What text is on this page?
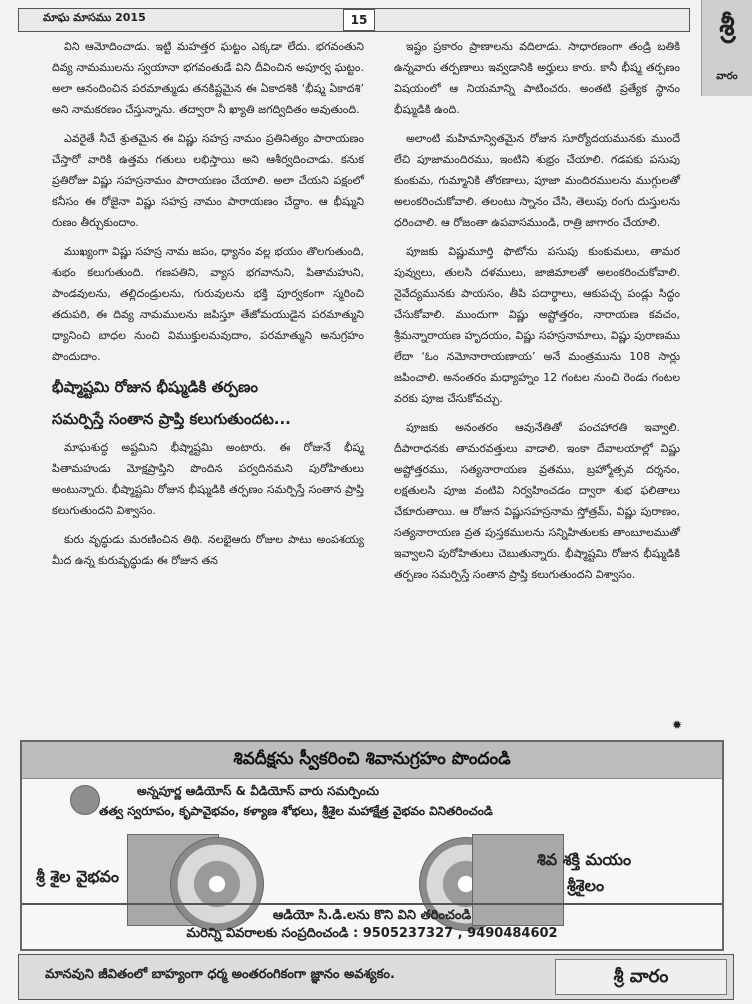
మాఘ మాసము 2015	15	శ్రీ
వారం

విని ఆమోదించాడు. ఇట్టి మహత్తర ఘట్టం ఎక్కడా లేదు. భగవంతుని దివ్య నామములను స్వయానా భగవంతుడే విని దీవించిన అపూర్వ ఘట్టం. అలా ఆనందించిన పరమాత్ముడు తనకిష్టమైన ఈ ఏకాదశికి ‘భీష్మ ఏకాదశి’ అని నామకరణం చేస్తున్నాను. తద్వారా నీ ఖ్యాతి జగద్విదితం అవుతుంది.

ఎవరైతే నీచే శ్రుతమైన ఈ విష్ణు సహస్ర నామం ప్రతినిత్యం పారాయణం చేస్తారో వారికి ఉత్తమ గతులు లభిస్తాయి అని ఆశీర్వదించాడు. కనుక ప్రతిరోజు విష్ణు సహస్రనామం పారాయణం చేయాలి. అలా చేయని పక్షంలో కనీసం ఈ రోజైనా విష్ణు సహస్ర నామం పారాయణం చేద్దాం. ఆ భీష్ముని రుణం తీర్చుకుందాం.

ముఖ్యంగా విష్ణు సహస్ర నామ జపం, ధ్యానం వల్ల భయం తొలగుతుంది, శుభం కలుగుతుంది. గణపతిని, వ్యాస భగవానుని, పితామహుని, పాండవులను, తల్లిదండ్రులను, గురువులను భక్తి పూర్వకంగా స్మరించి తదుపరి, ఈ దివ్య నామములను జపిస్తూ తేజోమయుడైన పరమాత్ముని ధ్యానించి బాధల నుంచి విముక్తులమవుదాం, పరమాత్ముని అనుగ్రహం పొందుదాం.

భీష్మాష్టమి రోజున భీష్ముడికి తర్పణం
సమర్పిస్తే సంతాన ప్రాప్తి కలుగుతుందట...

మాఘశుద్ధ అష్టమిని భీష్మాష్టమి అంటారు. ఈ రోజునే భీష్మ పితామహుడు మోక్షప్రాప్తిని పొందిన పర్వదినమని పురోహితులు అంటున్నారు. భీష్మాష్టమి రోజున భీష్ముడికి తర్పణం సమర్పిస్తే సంతాన ప్రాప్తి కలుగుతుందని విశ్వాసం.

కురు వృద్ధుడు మరణించిన తిథి. నలభైఆరు రోజుల పాటు అంపశయ్య మీద ఉన్న కురువృద్ధుడు ఈ రోజున తన

ఇష్టం ప్రకారం ప్రాణాలను వదిలాడు. సాధారణంగా తండ్రి బతికి ఉన్నవారు తర్పణాలు ఇవ్వడానికి అర్హులు కారు. కానీ భీష్మ తర్పణం విషయంలో ఆ నియమాన్ని పాటించరు. అంతటి ప్రత్యేక స్థానం భీష్ముడికి ఉంది.

అలాంటి మహిమాన్వితమైన రోజున సూర్యోదయమునకు ముందే లేచి పూజామందిరము, ఇంటిని శుభ్రం చేయాలి. గడపకు పసుపు కుంకుమ, గుమ్మానికి తోరణాలు, పూజా మందిరములను ముగ్గులతో అలంకరించుకోవాలి. తలంటు స్నానం చేసి, తెలుపు రంగు దుస్తులను ధరించాలి. ఆ రోజంతా ఉపవాసముండి, రాత్రి జాగారం చేయాలి.

పూజకు విష్ణుమూర్తి ఫొటోను పసుపు కుంకుమలు, తామర పువ్వులు, తులసి దళములు, జాజిమాలతో అలంకరించుకోవాలి. నైవేద్యమునకు పాయసం, తీపి పదార్థాలు, ఆకుపచ్చ పండ్లు సిద్ధం చేసుకోవాలి. ముందుగా విష్ణు అష్టోత్తరం, నారాయణ కవచం, శ్రీమన్నారాయణ హృదయం, విష్ణు సహస్రనామాలు, విష్ణు పురాణము లేదా ‘ఓం నమోనారాయణాయ’ అనే మంత్రమును 108 సార్లు జపించాలి. అనంతరం మధ్యాహ్నం 12 గంటల నుంచి రెండు గంటల వరకు పూజ చేసుకోవచ్చు.

పూజకు అనంతరం ఆవునేతితో పంచహారతి ఇవ్వాలి. దీపారాధనకు తామరవత్తులు వాడాలి. ఇంకా దేవాలయాల్లో విష్ణు అష్టోత్తరము, సత్యనారాయణ వ్రతము, బ్రహ్మోత్సవ దర్శనం, లక్షతులసి పూజ వంటివి నిర్వహించడం ద్వారా శుభ ఫలితాలు చేకూరుతాయి. ఆ రోజున విష్ణుసహస్రనామ స్తోత్రమ్, విష్ణు పురాణం, సత్యనారాయణ వ్రత పుస్తకములను సన్నిహితులకు తాంబూలముతో ఇవ్వాలని పురోహితులు చెబుతున్నారు. భీష్మాష్టమి రోజున భీష్ముడికి తర్పణం సమర్పిస్తే సంతాన ప్రాప్తి కలుగుతుందని విశ్వాసం.

✹
శివదీక్షను స్వీకరించి శివానుగ్రహం పొందండి
అన్నపూర్ణ ఆడియోస్ & వీడియోస్ వారు సమర్పించు
తత్వ స్వరూపం, కృపావైభవం, కళ్యాణ శోభలు, శ్రీశైల మహాక్షేత్ర వైభవం వినితరించండి
శ్రీ శైల వైభవం
శివ శక్తి మయం
శ్రీశైలం
ఆడియో సి.డి.లను కొని విని తరించండి
మరిన్ని వివరాలకు సంప్రదించండి : 9505237327 , 9490484602
మానవుని జీవితంలో బాహ్యంగా ధర్మ అంతరంగికంగా జ్ఞానం అవశ్యకం.	శ్రీ వారం
